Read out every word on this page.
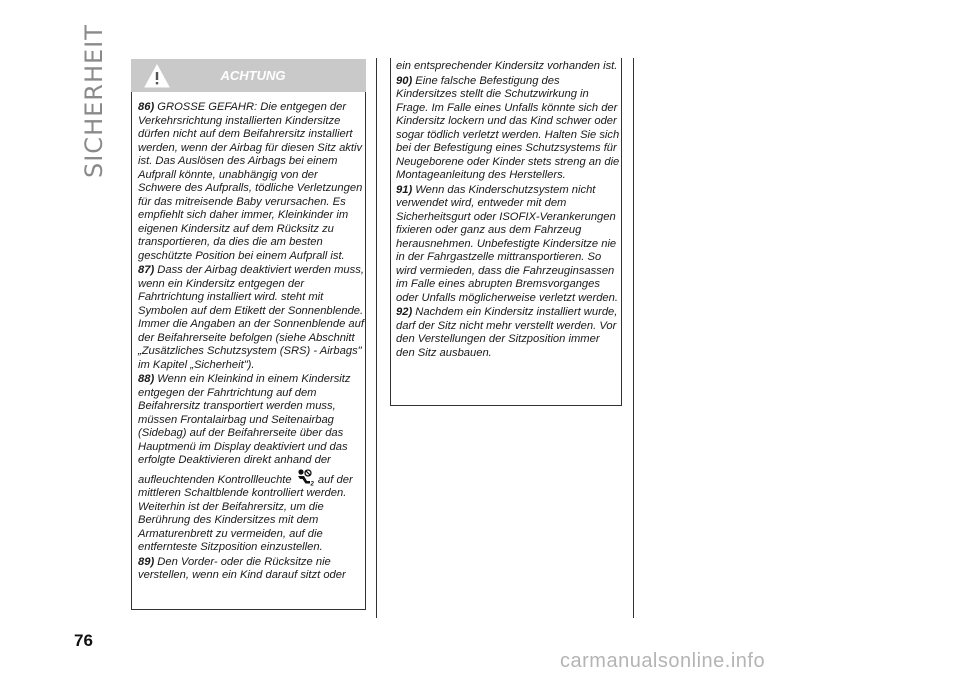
SICHERHEIT	ACHTUNG

86) GROSSE GEFAHR: Die entgegen der Verkehrsrichtung installierten Kindersitze dürfen nicht auf dem Beifahrersitz installiert werden, wenn der Airbag für diesen Sitz aktiv ist. Das Auslösen des Airbags bei einem Aufprall könnte, unabhängig von der Schwere des Aufpralls, tödliche Verletzungen für das mitreisende Baby verursachen. Es empfiehlt sich daher immer, Kleinkinder im eigenen Kindersitz auf dem Rücksitz zu transportieren, da dies die am besten geschützte Position bei einem Aufprall ist.

87) Dass der Airbag deaktiviert werden muss, wenn ein Kindersitz entgegen der Fahrtrichtung installiert wird. steht mit Symbolen auf dem Etikett der Sonnenblende. Immer die Angaben an der Sonnenblende auf der Beifahrerseite befolgen (siehe Abschnitt „Zusätzliches Schutzsystem (SRS) - Airbags" im Kapitel „Sicherheit").

88) Wenn ein Kleinkind in einem Kindersitz entgegen der Fahrtrichtung auf dem Beifahrersitz transportiert werden muss, müssen Frontalairbag und Seitenairbag (Sidebag) auf der Beifahrerseite über das Hauptmenü im Display deaktiviert und das erfolgte Deaktivieren direkt anhand der aufleuchtenden Kontrollleuchte	2 auf der mittleren Schaltblende kontrolliert werden. Weiterhin ist der Beifahrersitz, um die Berührung des Kindersitzes mit dem Armaturenbrett zu vermeiden, auf die entfernteste Sitzposition einzustellen.

89) Den Vorder- oder die Rücksitze nie verstellen, wenn ein Kind darauf sitzt oder

ein entsprechender Kindersitz vorhanden ist.

90) Eine falsche Befestigung des Kindersitzes stellt die Schutzwirkung in Frage. Im Falle eines Unfalls könnte sich der Kindersitz lockern und das Kind schwer oder sogar tödlich verletzt werden. Halten Sie sich bei der Befestigung eines Schutzsystems für Neugeborene oder Kinder stets streng an die Montageanleitung des Herstellers.

91) Wenn das Kinderschutzsystem nicht verwendet wird, entweder mit dem Sicherheitsgurt oder ISOFIX-Verankerungen fixieren oder ganz aus dem Fahrzeug herausnehmen. Unbefestigte Kindersitze nie in der Fahrgastzelle mittransportieren. So wird vermieden, dass die Fahrzeuginsassen im Falle eines abrupten Bremsvorganges oder Unfalls möglicherweise verletzt werden.

92) Nachdem ein Kindersitz installiert wurde, darf der Sitz nicht mehr verstellt werden. Vor den Verstellungen der Sitzposition immer den Sitz ausbauen.

76
carmanualsonline.info
